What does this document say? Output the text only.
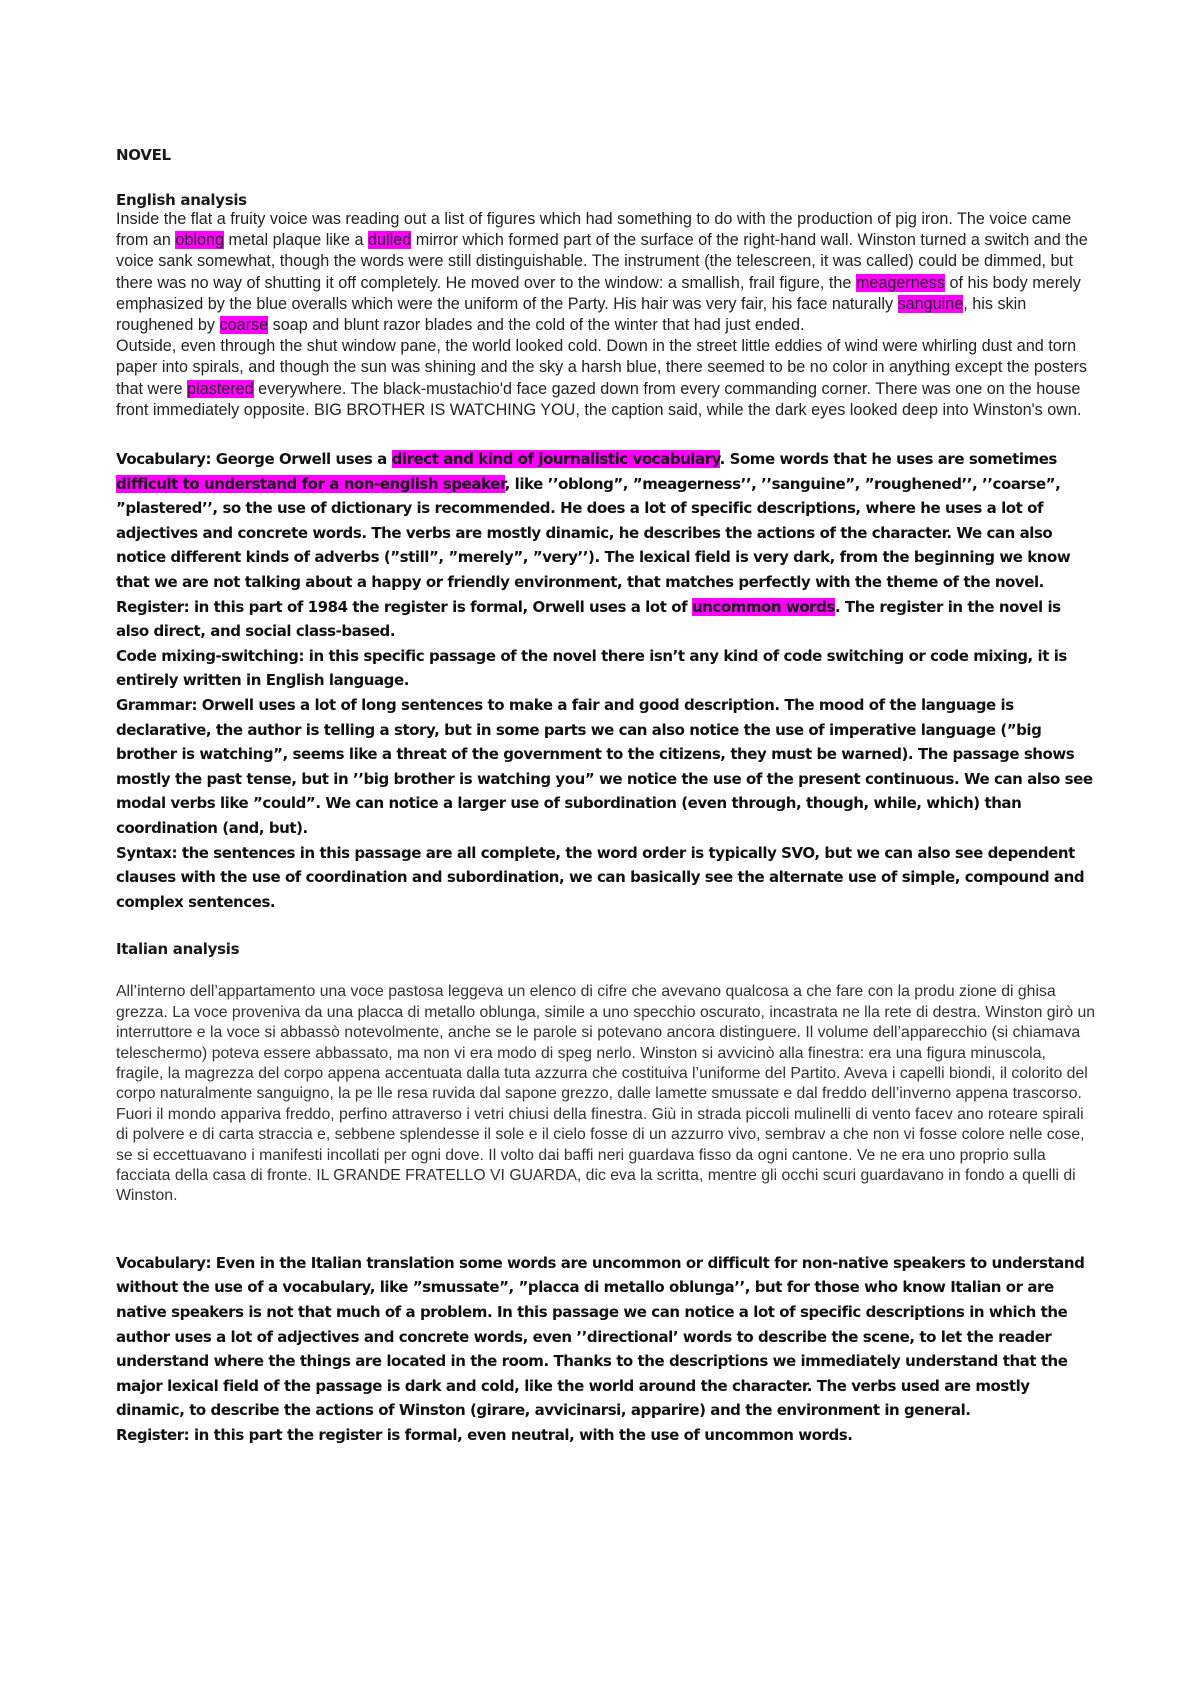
NOVEL
English analysis

Inside the flat a fruity voice was reading out a list of figures which had something to do with the production of pig iron. The voice came from an oblong metal plaque like a dulled mirror which formed part of the surface of the right-hand wall. Winston turned a switch and the voice sank somewhat, though the words were still distinguishable. The instrument (the telescreen, it was called) could be dimmed, but there was no way of shutting it off completely. He moved over to the window: a smallish, frail figure, the meagerness of his body merely emphasized by the blue overalls which were the uniform of the Party. His hair was very fair, his face naturally sanguine, his skin roughened by coarse soap and blunt razor blades and the cold of the winter that had just ended.

Outside, even through the shut window pane, the world looked cold. Down in the street little eddies of wind were whirling dust and torn paper into spirals, and though the sun was shining and the sky a harsh blue, there seemed to be no color in anything except the posters that were plastered everywhere. The black-mustachio'd face gazed down from every commanding corner. There was one on the house front immediately opposite. BIG BROTHER IS WATCHING YOU, the caption said, while the dark eyes looked deep into Winston's own.

Vocabulary: George Orwell uses a direct and kind of journalistic vocabulary. Some words that he uses are sometimes difficult to understand for a non-english speaker, like ’’oblong”, ”meagerness’’, ’’sanguine”, ”roughened’’, ’’coarse”, ”plastered’’, so the use of dictionary is recommended. He does a lot of specific descriptions, where he uses a lot of adjectives and concrete words. The verbs are mostly dinamic, he describes the actions of the character. We can also notice different kinds of adverbs (”still”, ”merely”, ”very’’). The lexical field is very dark, from the beginning we know that we are not talking about a happy or friendly environment, that matches perfectly with the theme of the novel.

Register: in this part of 1984 the register is formal, Orwell uses a lot of uncommon words. The register in the novel is also direct, and social class-based.

Code mixing-switching: in this specific passage of the novel there isn’t any kind of code switching or code mixing, it is entirely written in English language.

Grammar: Orwell uses a lot of long sentences to make a fair and good description. The mood of the language is declarative, the author is telling a story, but in some parts we can also notice the use of imperative language (”big brother is watching”, seems like a threat of the government to the citizens, they must be warned). The passage shows mostly the past tense, but in ’’big brother is watching you” we notice the use of the present continuous. We can also see modal verbs like ”could”. We can notice a larger use of subordination (even through, though, while, which) than coordination (and, but).

Syntax: the sentences in this passage are all complete, the word order is typically SVO, but we can also see dependent clauses with the use of coordination and subordination, we can basically see the alternate use of simple, compound and complex sentences.

Italian analysis

All’interno dell’appartamento una voce pastosa leggeva un elenco di cifre che avevano qualcosa a che fare con la produ zione di ghisa grezza. La voce proveniva da una placca di metallo oblunga, simile a uno specchio oscurato, incastrata ne lla rete di destra. Winston girò un interruttore e la voce si abbassò notevolmente, anche se le parole si potevano ancora distinguere. Il volume dell’apparecchio (si chiamava teleschermo) poteva essere abbassato, ma non vi era modo di speg nerlo. Winston si avvicinò alla finestra: era una figura minuscola, fragile, la magrezza del corpo appena accentuata dalla tuta azzurra che costituiva l’uniforme del Partito. Aveva i capelli biondi, il colorito del corpo naturalmente sanguigno, la pe lle resa ruvida dal sapone grezzo, dalle lamette smussate e dal freddo dell’inverno appena trascorso.

Fuori il mondo appariva freddo, perfino attraverso i vetri chiusi della finestra. Giù in strada piccoli mulinelli di vento facev ano roteare spirali di polvere e di carta straccia e, sebbene splendesse il sole e il cielo fosse di un azzurro vivo, sembrav a che non vi fosse colore nelle cose, se si eccettuavano i manifesti incollati per ogni dove. Il volto dai baffi neri guardava fisso da ogni cantone. Ve ne era uno proprio sulla facciata della casa di fronte. IL GRANDE FRATELLO VI GUARDA, dic eva la scritta, mentre gli occhi scuri guardavano in fondo a quelli di Winston.

Vocabulary: Even in the Italian translation some words are uncommon or difficult for non-native speakers to understand without the use of a vocabulary, like ”smussate”, ”placca di metallo oblunga’’, but for those who know Italian or are native speakers is not that much of a problem. In this passage we can notice a lot of specific descriptions in which the author uses a lot of adjectives and concrete words, even ’’directional’ words to describe the scene, to let the reader understand where the things are located in the room. Thanks to the descriptions we immediately understand that the major lexical field of the passage is dark and cold, like the world around the character. The verbs used are mostly dinamic, to describe the actions of Winston (girare, avvicinarsi, apparire) and the environment in general.

Register: in this part the register is formal, even neutral, with the use of uncommon words.
